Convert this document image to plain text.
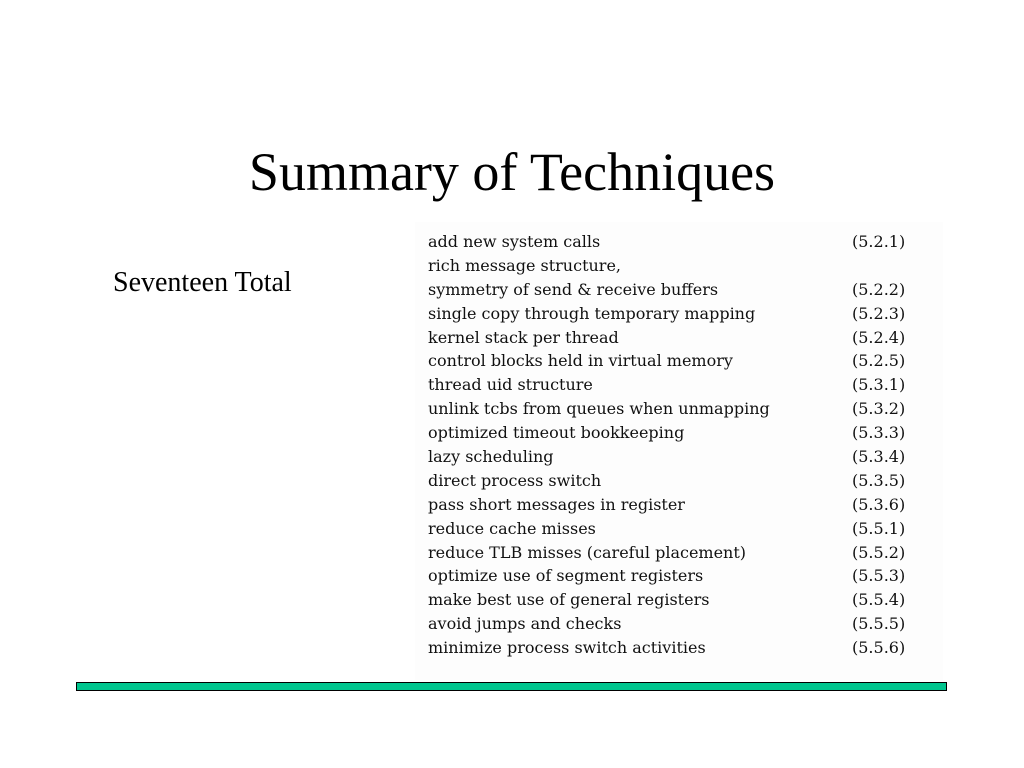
Summary of Techniques
Seventeen Total
add new system calls	(5.2.1)
rich message structure,
symmetry of send & receive buffers	(5.2.2)
single copy through temporary mapping	(5.2.3)
kernel stack per thread	(5.2.4)
control blocks held in virtual memory	(5.2.5)
thread uid structure	(5.3.1)
unlink tcbs from queues when unmapping	(5.3.2)
optimized timeout bookkeeping	(5.3.3)
lazy scheduling	(5.3.4)
direct process switch	(5.3.5)
pass short messages in register	(5.3.6)
reduce cache misses	(5.5.1)
reduce TLB misses (careful placement)	(5.5.2)
optimize use of segment registers	(5.5.3)
make best use of general registers	(5.5.4)
avoid jumps and checks	(5.5.5)
minimize process switch activities	(5.5.6)
